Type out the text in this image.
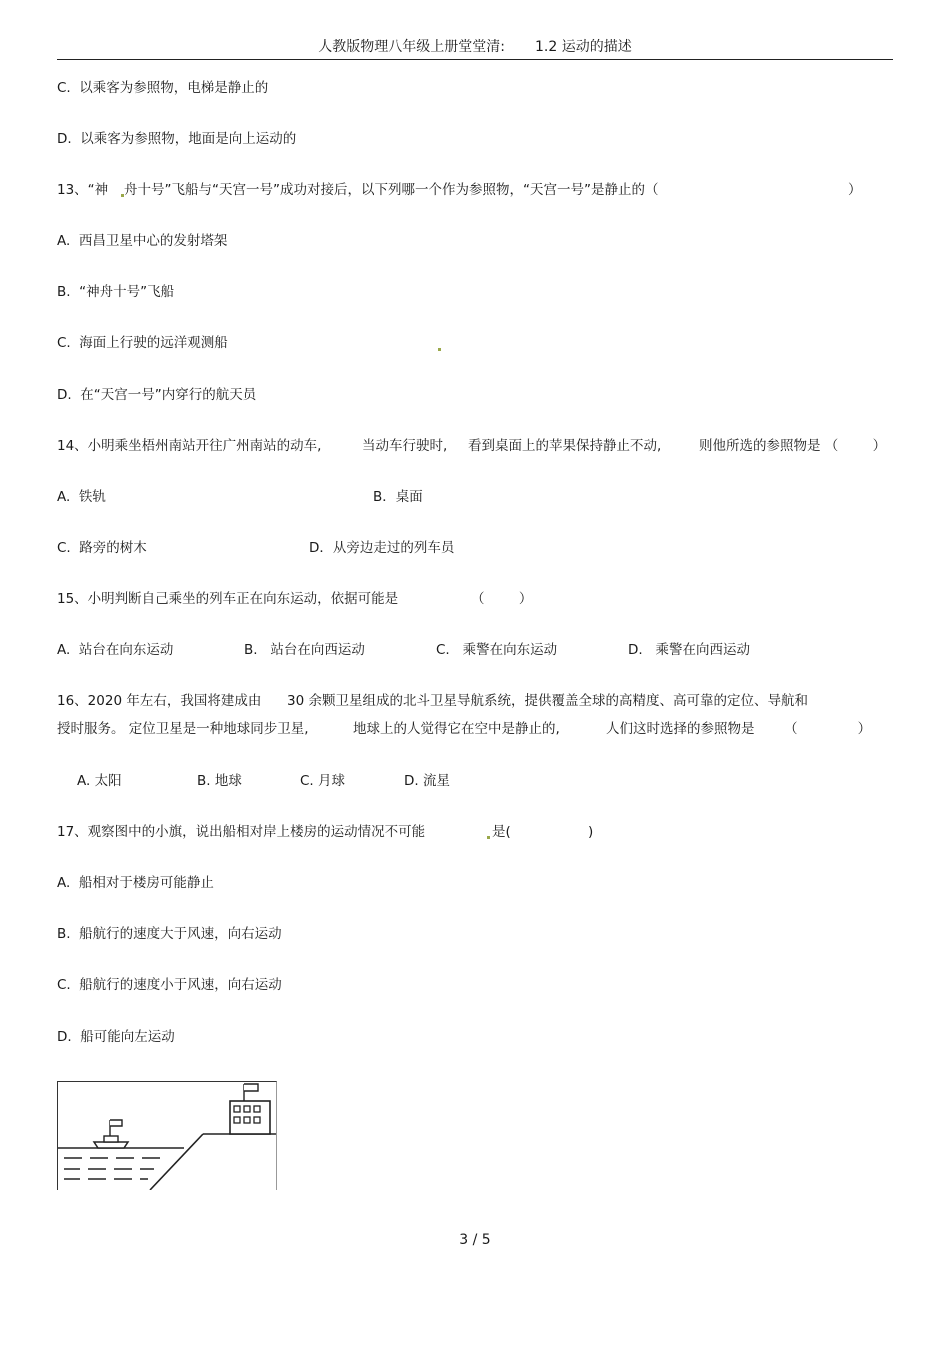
人教版物理八年级上册堂堂清: 1.2 运动的描述
C.  以乘客为参照物，电梯是静止的
D.  以乘客为参照物，地面是向上运动的
13、“神 舟十号”飞船与“天宫一号”成功对接后，以下列哪一个作为参照物，“天宫一号”是静止的（	）
A.  西昌卫星中心的发射塔架
B.  “神舟十号”飞船
C.  海面上行驶的远洋观测船
D.  在“天宫一号”内穿行的航天员
14、小明乘坐梧州南站开往广州南站的动车,	当动车行驶时, 看到桌面上的苹果保持静止不动,	则他所选的参照物是 （        ）
A.  铁轨	B．桌面
C.  路旁的树木	D．从旁边走过的列车员
15、小明判断自己乘坐的列车正在向东运动，依据可能是	（        ）
A.  站台在向东运动	B.   站台在向西运动	C.   乘警在向东运动	D.   乘警在向西运动
16、2020 年左右，我国将建成由 30 余颗卫星组成的北斗卫星导航系统，提供覆盖全球的高精度、高可靠的定位、导航和
授时服务。 定位卫星是一种地球同步卫星,	地球上的人觉得它在空中是静止的,	人们这时选择的参照物是 （              ）
A. 太阳	B. 地球	C. 月球	D. 流星
17、观察图中的小旗，说出船相对岸上楼房的运动情况不可能	是(                  )
A.  船相对于楼房可能静止
B.  船航行的速度大于风速，向右运动
C.  船航行的速度小于风速，向右运动
D.  船可能向左运动
3 / 5
